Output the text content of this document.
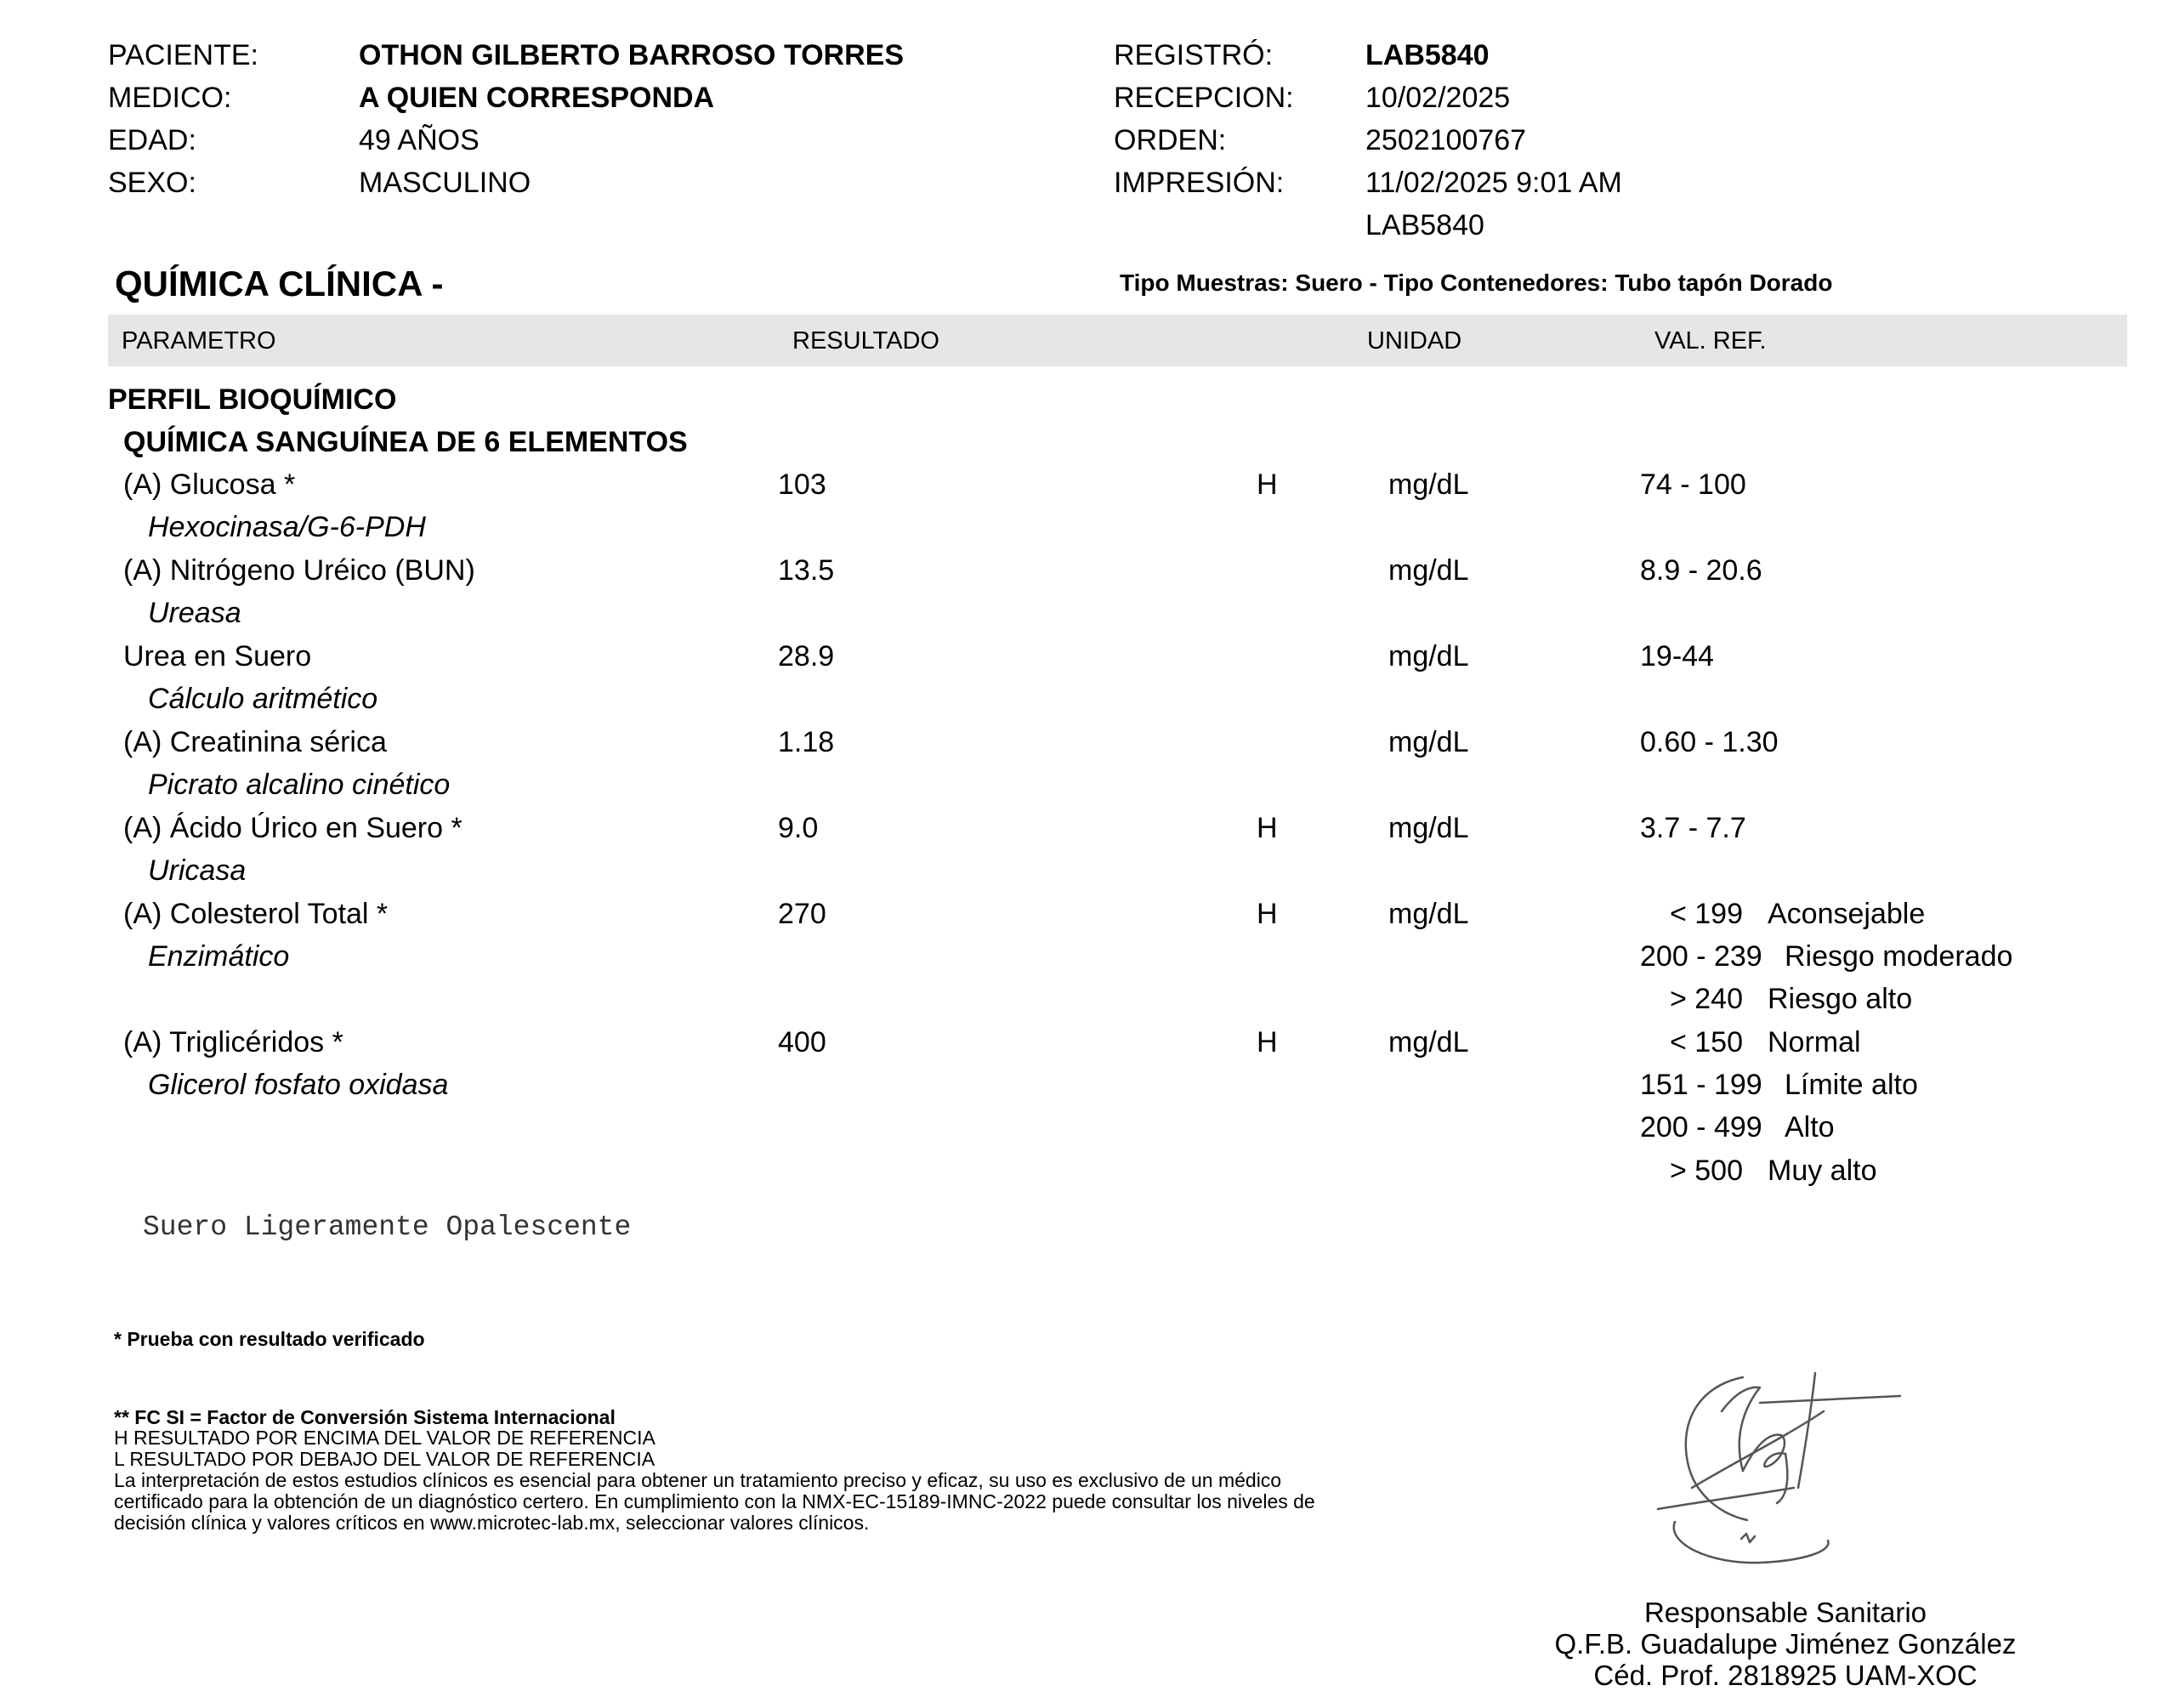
PACIENTE:	OTHON GILBERTO BARROSO TORRES
MEDICO:	A QUIEN CORRESPONDA
EDAD:	49 AÑOS
SEXO:	MASCULINO
REGISTRÓ:	LAB5840
RECEPCION: 10/02/2025
ORDEN:	2502100767
IMPRESIÓN:	11/02/2025 9:01 AM
LAB5840
QUÍMICA CLÍNICA -	Tipo Muestras: Suero - Tipo Contenedores: Tubo tapón Dorado
PARAMETRO	RESULTADO	UNIDAD	VAL. REF.
PERFIL BIOQUÍMICO
QUÍMICA SANGUÍNEA DE 6 ELEMENTOS
(A) Glucosa *	103	H	mg/dL	74 - 100
Hexocinasa/G-6-PDH
(A) Nitrógeno Uréico (BUN)	13.5	mg/dL	8.9 - 20.6
Ureasa
Urea en Suero	28.9	mg/dL	19-44
Cálculo aritmético
(A) Creatinina sérica	1.18	mg/dL	0.60 - 1.30
Picrato alcalino cinético
(A) Ácido Úrico en Suero *	9.0	H	mg/dL	3.7 - 7.7
Uricasa
(A) Colesterol Total *	270	H	mg/dL
Enzimático
< 199 Aconsejable
200 - 239 Riesgo moderado
> 240 Riesgo alto
(A) Triglicéridos *	400	H	mg/dL
Glicerol fosfato oxidasa
< 150 Normal
151 - 199 Límite alto
200 - 499 Alto
> 500 Muy alto
Suero Ligeramente Opalescente
* Prueba con resultado verificado
** FC SI = Factor de Conversión Sistema Internacional
H RESULTADO POR ENCIMA DEL VALOR DE REFERENCIA
L RESULTADO POR DEBAJO DEL VALOR DE REFERENCIA
La interpretación de estos estudios clínicos es esencial para obtener un tratamiento preciso y eficaz, su uso es exclusivo de un médico
certificado para la obtención de un diagnóstico certero. En cumplimiento con la NMX-EC-15189-IMNC-2022 puede consultar los niveles de
decisión clínica y valores críticos en www.microtec-lab.mx, seleccionar valores clínicos.
Responsable Sanitario
Q.F.B. Guadalupe Jiménez González
Céd. Prof. 2818925 UAM-XOC
